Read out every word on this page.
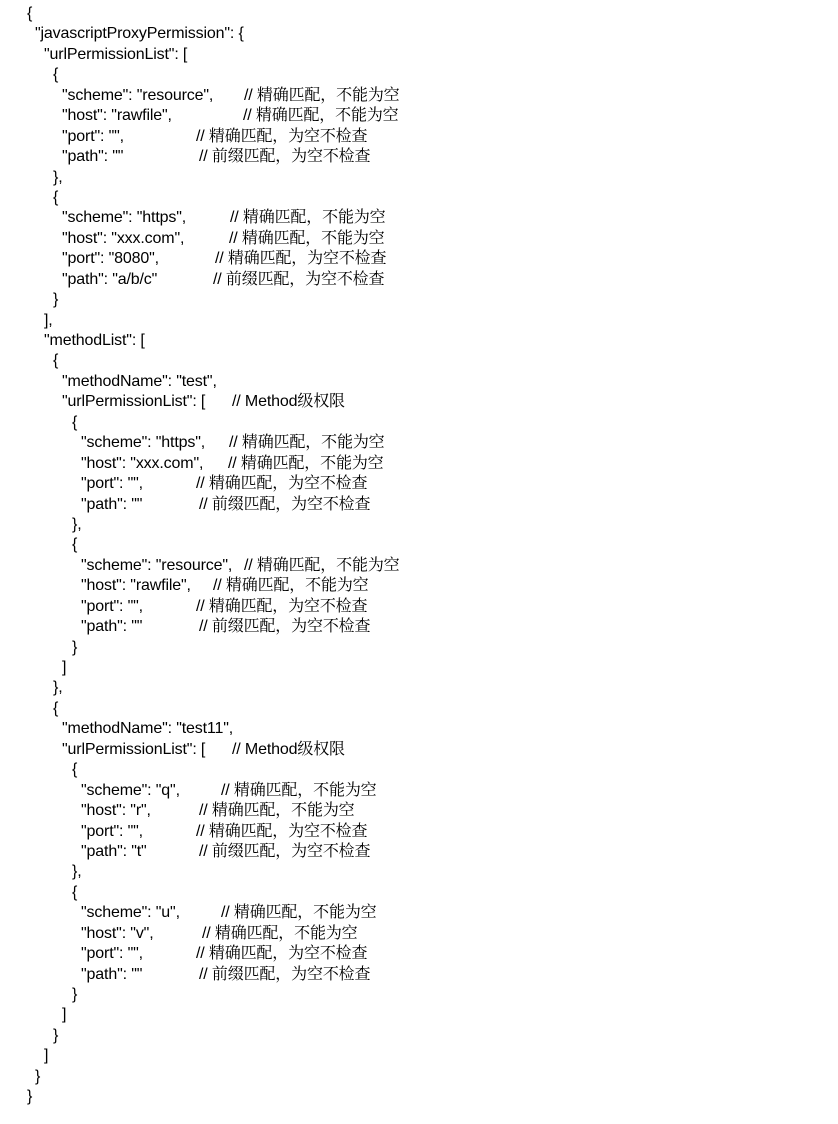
{
"javascriptProxyPermission": {
"urlPermissionList": [
{
"scheme": "resource", // 精确匹配，不能为空
"host": "rawfile",	// 精确匹配，不能为空
"port": "",	// 精确匹配，为空不检查
"path": ""	// 前缀匹配，为空不检查
},
{
"scheme": "https",	// 精确匹配，不能为空
"host": "xxx.com",	// 精确匹配，不能为空
"port": "8080",	// 精确匹配，为空不检查
"path": "a/b/c"	// 前缀匹配，为空不检查
}
],
"methodList": [
{
"methodName": "test",
"urlPermissionList": [ // Method级权限
{
"scheme": "https", // 精确匹配，不能为空
"host": "xxx.com", // 精确匹配，不能为空
"port": "",	// 精确匹配，为空不检查
"path": ""	// 前缀匹配，为空不检查
},
{
"scheme": "resource", // 精确匹配，不能为空
"host": "rawfile", // 精确匹配，不能为空
"port": "",	// 精确匹配，为空不检查
"path": ""	// 前缀匹配，为空不检查
}
]
},
{
"methodName": "test11",
"urlPermissionList": [ // Method级权限
{
"scheme": "q",	// 精确匹配，不能为空
"host": "r",	// 精确匹配，不能为空
"port": "",	// 精确匹配，为空不检查
"path": "t"	// 前缀匹配，为空不检查
},
{
"scheme": "u",	// 精确匹配，不能为空
"host": "v",	// 精确匹配，不能为空
"port": "",	// 精确匹配，为空不检查
"path": ""	// 前缀匹配，为空不检查
}
]
}
]
}
}
